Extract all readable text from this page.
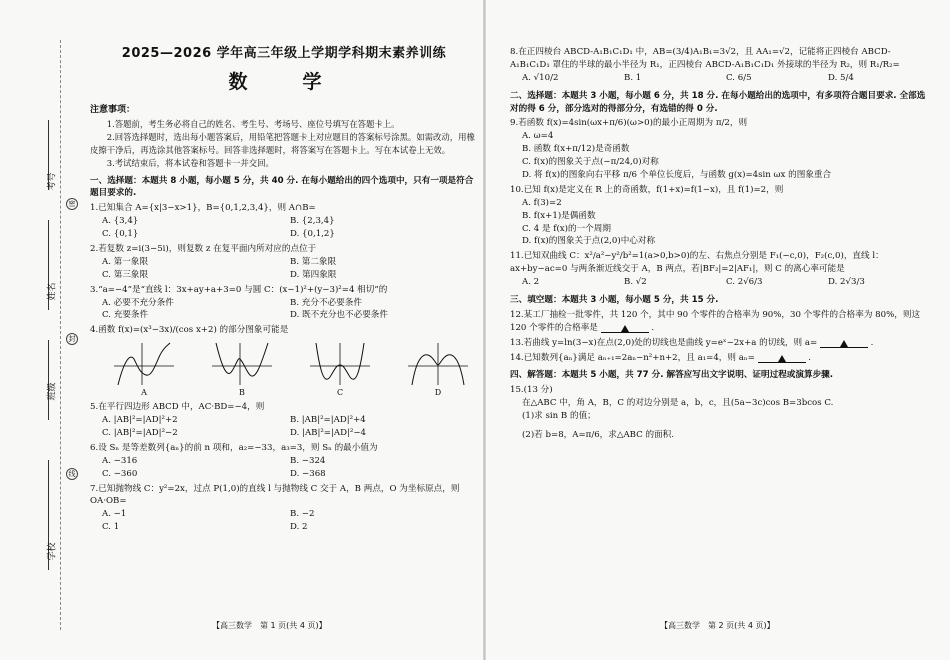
考号
姓名
班级
学校
密
封
线
2025—2026 学年高三年级上学期学科期末素养训练
数　学
注意事项：
1.答题前，考生务必将自己的姓名、考生号、考场号、座位号填写在答题卡上。
2.回答选择题时，选出每小题答案后，用铅笔把答题卡上对应题目的答案标号涂黑。如需改动，用橡皮擦干净后，再选涂其他答案标号。回答非选择题时，将答案写在答题卡上。写在本试卷上无效。
3.考试结束后，将本试卷和答题卡一并交回。
一、选择题：本题共 8 小题，每小题 5 分，共 40 分. 在每小题给出的四个选项中，只有一项是符合题目要求的.
1.已知集合 A={x|3−x>1}，B={0,1,2,3,4}，则 A∩B=
A. {3,4}	B. {2,3,4}
C. {0,1}	D. {0,1,2}
2.若复数 z=i(3−5i)，则复数 z 在复平面内所对应的点位于
A. 第一象限	B. 第二象限
C. 第三象限	D. 第四象限
3.“a=−4”是“直线 l：3x+ay+a+3=0 与圆 C：(x−1)²+(y−3)²=4 相切”的
A. 必要不充分条件	B. 充分不必要条件
C. 充要条件	D. 既不充分也不必要条件
4.函数 f(x)=(x³−3x)/(cos x+2) 的部分图象可能是
A	B	C	D
5.在平行四边形 ABCD 中，AC·BD=−4，则
A. |AB|²=|AD|²+2	B. |AB|²=|AD|²+4
C. |AB|²=|AD|²−2	D. |AB|²=|AD|²−4
6.设 Sₙ 是等差数列{aₙ}的前 n 项和，a₂=−33，a₃=3，则 Sₙ 的最小值为
A. −316	B. −324
C. −360	D. −368
7.已知抛物线 C：y²=2x，过点 P(1,0)的直线 l 与抛物线 C 交于 A，B 两点，O 为坐标原点，则 OA·OB=
A. −1	B. −2
C. 1	D. 2
8.在正四棱台 ABCD-A₁B₁C₁D₁ 中，AB=(3/4)A₁B₁=3√2，且 AA₁=√2，记能将正四棱台 ABCD-A₁B₁C₁D₁ 罩住的半球的最小半径为 R₁，正四棱台 ABCD-A₁B₁C₁D₁ 外接球的半径为 R₂，则 R₁/R₂=
A. √10/2	B. 1	C. 6/5	D. 5/4
二、选择题：本题共 3 小题，每小题 6 分，共 18 分. 在每小题给出的选项中，有多项符合题目要求. 全部选对的得 6 分，部分选对的得部分分，有选错的得 0 分.
9.若函数 f(x)=4sin(ωx+π/6)(ω>0)的最小正周期为 π/2，则
A. ω=4
B. 函数 f(x+π/12)是奇函数
C. f(x)的图象关于点(−π/24,0)对称
D. 将 f(x)的图象向右平移 π/6 个单位长度后，与函数 g(x)=4sin ωx 的图象重合
10.已知 f(x)是定义在 R 上的奇函数，f(1+x)=f(1−x)，且 f(1)=2，则
A. f(3)=2
B. f(x+1)是偶函数
C. 4 是 f(x)的一个周期
D. f(x)的图象关于点(2,0)中心对称
11.已知双曲线 C：x²/a²−y²/b²=1(a>0,b>0)的左、右焦点分别是 F₁(−c,0)，F₂(c,0)，直线 l：ax+by−ac=0 与两条渐近线交于 A，B 两点，若|BF₂|=2|AF₁|，则 C 的离心率可能是
A. 2	B. √2	C. 2√6/3	D. 2√3/3
三、填空题：本题共 3 小题，每小题 5 分，共 15 分.
12.某工厂抽检一批零件，共 120 个，其中 90 个零件的合格率为 90%，30 个零件的合格率为 80%，则这 120 个零件的合格率是	.
13.若曲线 y=ln(3−x)在点(2,0)处的切线也是曲线 y=eˣ−2x+a 的切线，则 a=	.
14.已知数列{aₙ}满足 aₙ₊₁=2aₙ−n²+n+2，且 a₁=4，则 aₙ=	.
四、解答题：本题共 5 小题，共 77 分. 解答应写出文字说明、证明过程或演算步骤.
15.(13 分)
在△ABC 中，角 A，B，C 的对边分别是 a，b，c，且(5a−3c)cos B=3bcos C.
(1)求 sin B 的值；
(2)若 b=8，A=π/6，求△ABC 的面积.
【高三数学　第 1 页(共 4 页)】	【高三数学　第 2 页(共 4 页)】
